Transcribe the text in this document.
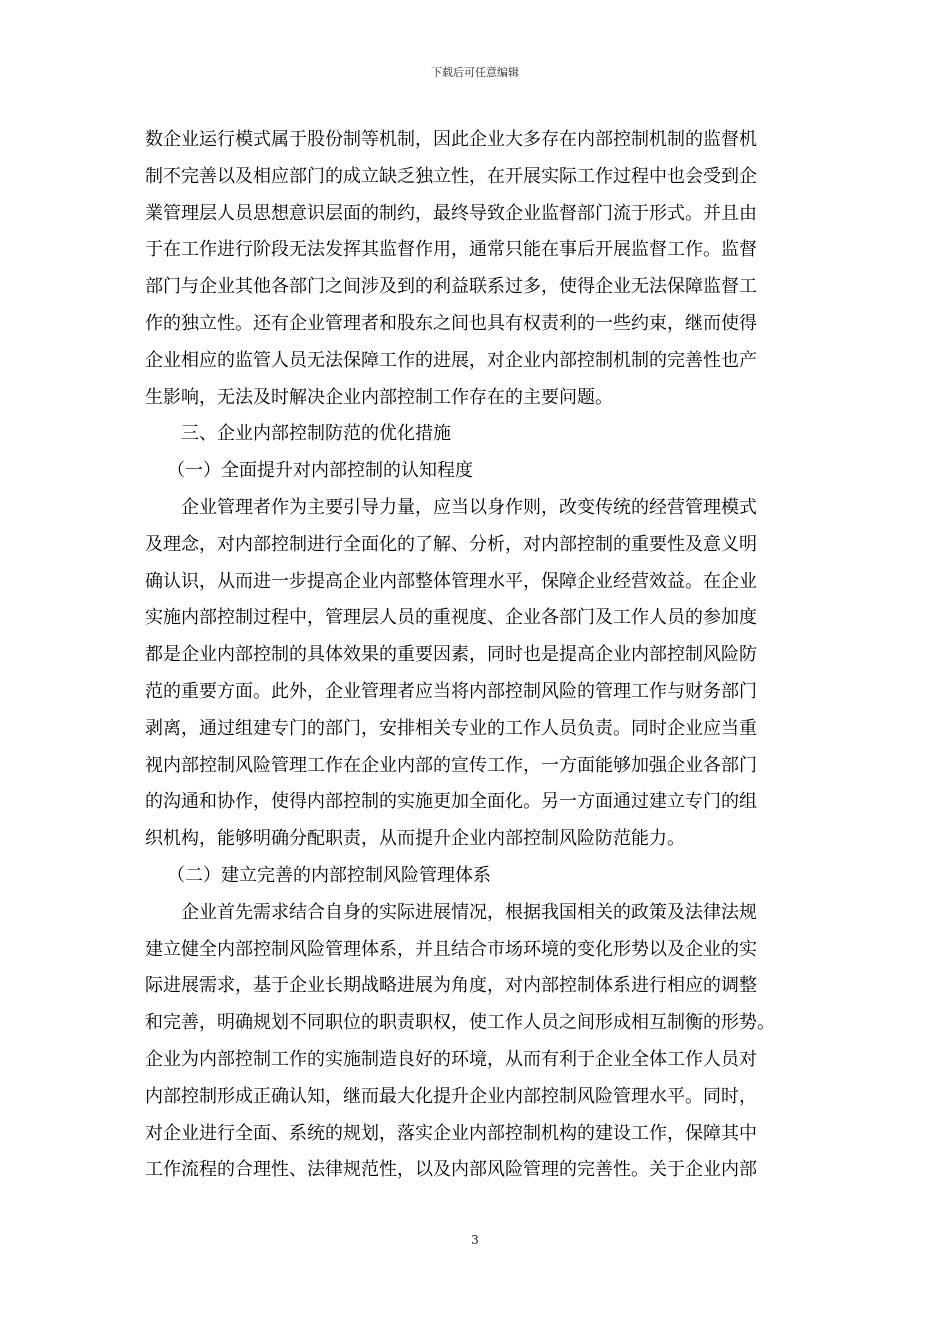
下载后可任意编辑
数企业运行模式属于股份制等机制，因此企业大多存在内部控制机制的监督机
制不完善以及相应部门的成立缺乏独立性，在开展实际工作过程中也会受到企
業管理层人员思想意识层面的制约，最终导致企业监督部门流于形式。并且由
于在工作进行阶段无法发挥其监督作用，通常只能在事后开展监督工作。监督
部门与企业其他各部门之间涉及到的利益联系过多，使得企业无法保障监督工
作的独立性。还有企业管理者和股东之间也具有权责利的一些约束，继而使得
企业相应的监管人员无法保障工作的进展，对企业内部控制机制的完善性也产
生影响，无法及时解决企业内部控制工作存在的主要问题。
三、企业内部控制防范的优化措施
（一）全面提升对内部控制的认知程度
企业管理者作为主要引导力量，应当以身作则，改变传统的经营管理模式
及理念，对内部控制进行全面化的了解、分析，对内部控制的重要性及意义明
确认识，从而进一步提高企业内部整体管理水平，保障企业经营效益。在企业
实施内部控制过程中，管理层人员的重视度、企业各部门及工作人员的参加度
都是企业内部控制的具体效果的重要因素，同时也是提高企业内部控制风险防
范的重要方面。此外，企业管理者应当将内部控制风险的管理工作与财务部门
剥离，通过组建专门的部门，安排相关专业的工作人员负责。同时企业应当重
视内部控制风险管理工作在企业内部的宣传工作，一方面能够加强企业各部门
的沟通和协作，使得内部控制的实施更加全面化。另一方面通过建立专门的组
织机构，能够明确分配职责，从而提升企业内部控制风险防范能力。
（二）建立完善的内部控制风险管理体系
企业首先需求结合自身的实际进展情况，根据我国相关的政策及法律法规
建立健全内部控制风险管理体系，并且结合市场环境的变化形势以及企业的实
际进展需求，基于企业长期战略进展为角度，对内部控制体系进行相应的调整
和完善，明确规划不同职位的职责职权，使工作人员之间形成相互制衡的形势。
企业为内部控制工作的实施制造良好的环境，从而有利于企业全体工作人员对
内部控制形成正确认知，继而最大化提升企业内部控制风险管理水平。同时，
对企业进行全面、系统的规划，落实企业内部控制机构的建设工作，保障其中
工作流程的合理性、法律规范性，以及内部风险管理的完善性。关于企业内部
3
